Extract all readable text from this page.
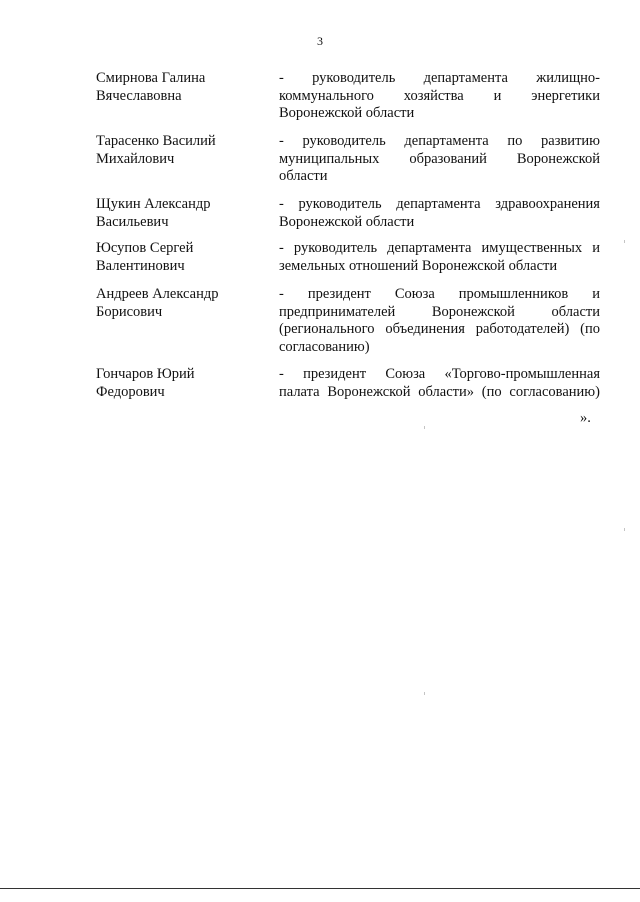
3
Смирнова Галина
Вячеславовна
- руководитель департамента жилищно-
коммунального хозяйства и энергетики
Воронежской области
Тарасенко Василий
Михайлович
- руководитель департамента по развитию
муниципальных образований Воронежской
области
Щукин Александр
Васильевич
- руководитель департамента здравоохранения
Воронежской области
Юсупов Сергей
Валентинович
- руководитель департамента имущественных и
земельных отношений Воронежской области
Андреев Александр
Борисович
- президент Союза промышленников и
предпринимателей	Воронежской	области
(регионального объединения работодателей) (по
согласованию)
Гончаров Юрий
Федорович
- президент Союза «Торгово-промышленная
палата Воронежской области» (по согласованию)
».
